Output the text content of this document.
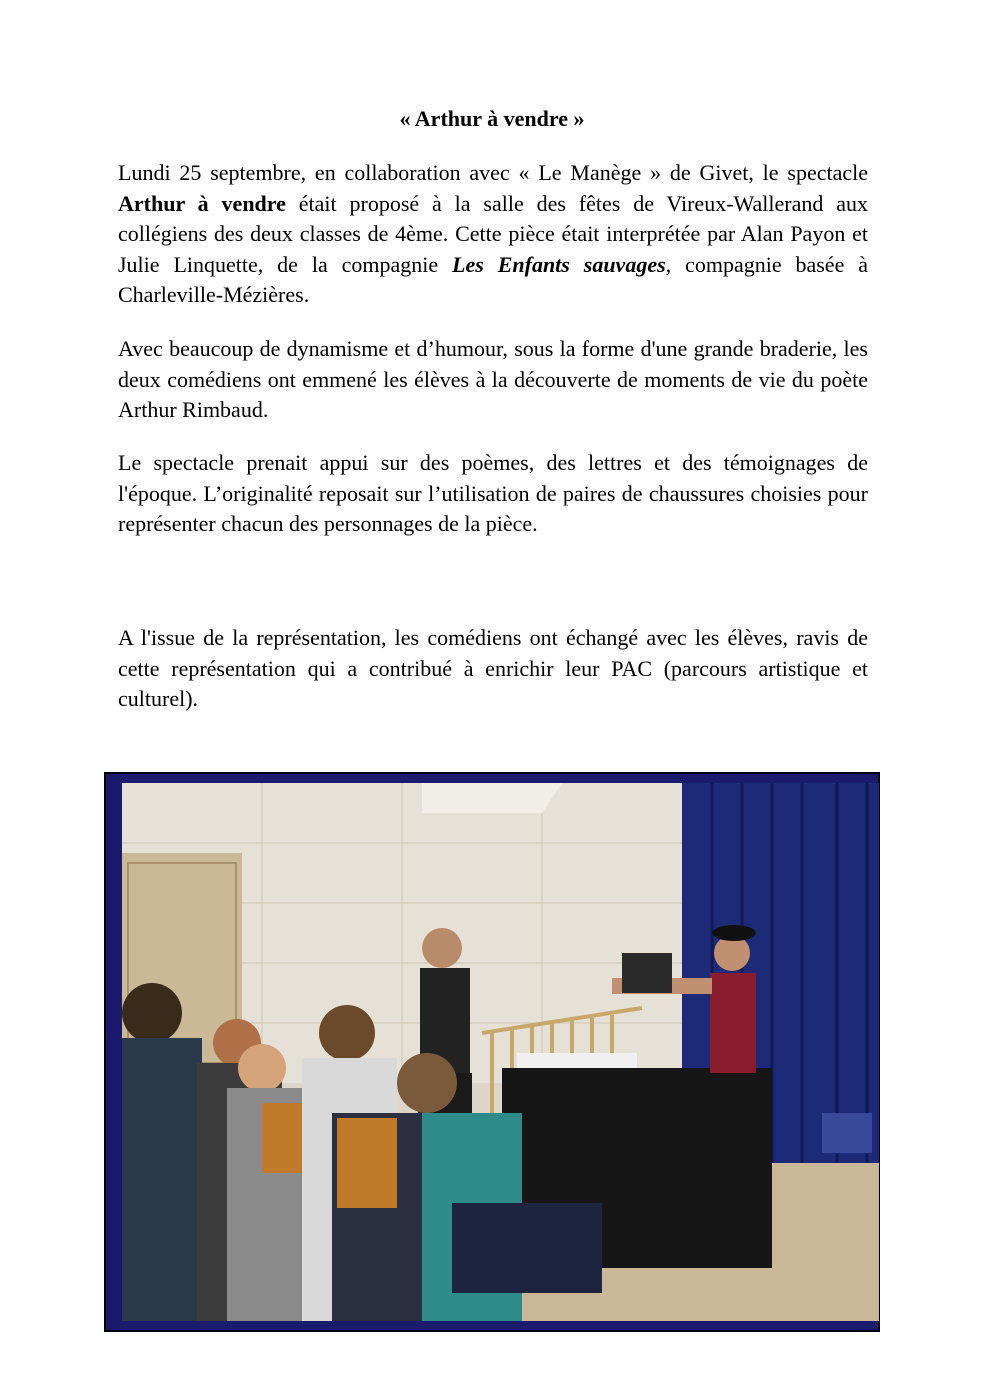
« Arthur à vendre »

Lundi 25 septembre, en collaboration avec « Le Manège » de Givet, le spectacle Arthur à vendre était proposé à la salle des fêtes de Vireux-Wallerand aux collégiens des deux classes de 4ème. Cette pièce était interprétée par Alan Payon et Julie Linquette, de la compagnie Les Enfants sauvages, compagnie basée à Charleville-Mézières.

Avec beaucoup de dynamisme et d’humour, sous la forme d'une grande braderie, les deux comédiens ont emmené les élèves à la découverte de moments de vie du poète Arthur Rimbaud.

Le spectacle prenait appui sur des poèmes, des lettres et des témoignages de l'époque. L’originalité reposait sur l’utilisation de paires de chaussures choisies pour représenter chacun des personnages de la pièce.

A l'issue de la représentation, les comédiens ont échangé avec les élèves, ravis de cette représentation qui a contribué à enrichir leur PAC (parcours artistique et culturel).
